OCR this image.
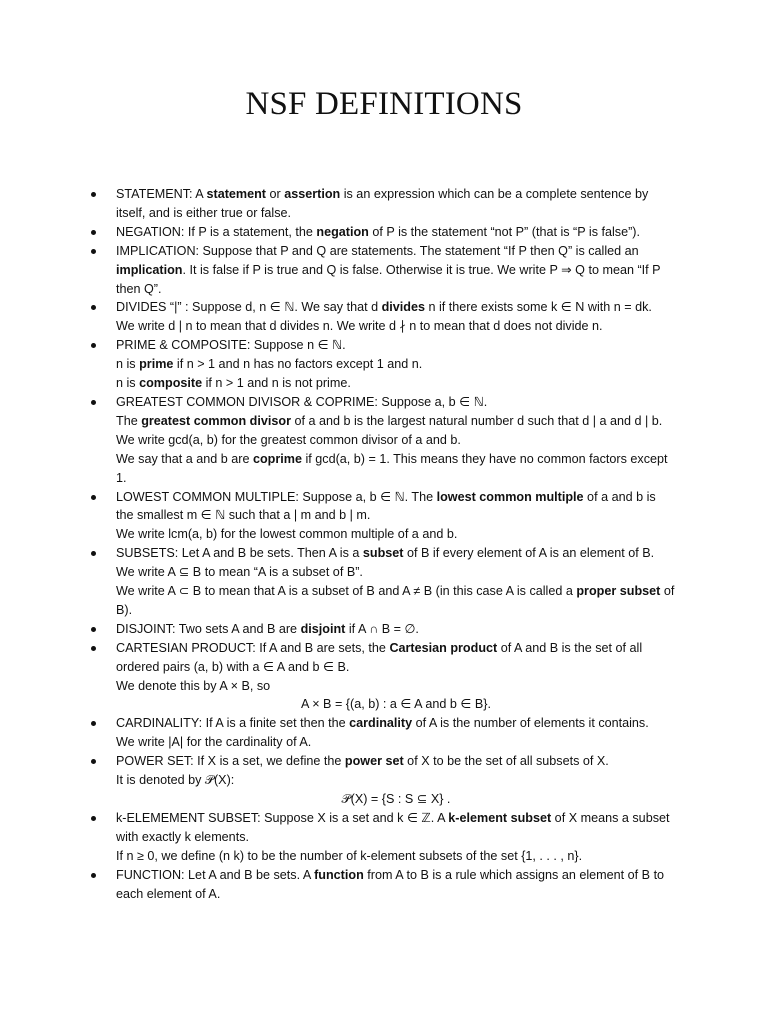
NSF DEFINITIONS
STATEMENT: A statement or assertion is an expression which can be a complete sentence by itself, and is either true or false.
NEGATION: If P is a statement, the negation of P is the statement “not P” (that is “P is false”).
IMPLICATION: Suppose that P and Q are statements. The statement “If P then Q” is called an implication. It is false if P is true and Q is false. Otherwise it is true. We write P ⇒ Q to mean “If P then Q”.
DIVIDES “|” : Suppose d, n ∈ ℕ. We say that d divides n if there exists some k ∈ N with n = dk.
We write d | n to mean that d divides n. We write d ∤ n to mean that d does not divide n.
PRIME & COMPOSITE: Suppose n ∈ ℕ.
n is prime if n > 1 and n has no factors except 1 and n.
n is composite if n > 1 and n is not prime.
GREATEST COMMON DIVISOR & COPRIME: Suppose a, b ∈ ℕ.
The greatest common divisor of a and b is the largest natural number d such that d | a and d | b.
We write gcd(a, b) for the greatest common divisor of a and b.
We say that a and b are coprime if gcd(a, b) = 1. This means they have no common factors except 1.
LOWEST COMMON MULTIPLE: Suppose a, b ∈ ℕ. The lowest common multiple of a and b is the smallest m ∈ ℕ such that a | m and b | m.
We write lcm(a, b) for the lowest common multiple of a and b.
SUBSETS: Let A and B be sets. Then A is a subset of B if every element of A is an element of B.
We write A ⊆ B to mean “A is a subset of B”.
We write A ⊂ B to mean that A is a subset of B and A ≠ B (in this case A is called a proper subset of B).
DISJOINT: Two sets A and B are disjoint if A ∩ B = ∅.
CARTESIAN PRODUCT: If A and B are sets, the Cartesian product of A and B is the set of all ordered pairs (a, b) with a ∈ A and b ∈ B.
We denote this by A × B, so
A × B = {(a, b) : a ∈ A and b ∈ B}.
CARDINALITY: If A is a finite set then the cardinality of A is the number of elements it contains.
We write |A| for the cardinality of A.
POWER SET: If X is a set, we define the power set of X to be the set of all subsets of X.
It is denoted by 𝒫(X):
𝒫(X) = {S : S ⊆ X} .
k-ELEMEMENT SUBSET: Suppose X is a set and k ∈ ℤ. A k-element subset of X means a subset with exactly k elements.
If n ≥ 0, we define (n k) to be the number of k-element subsets of the set {1, . . . , n}.
FUNCTION: Let A and B be sets. A function from A to B is a rule which assigns an element of B to each element of A.
